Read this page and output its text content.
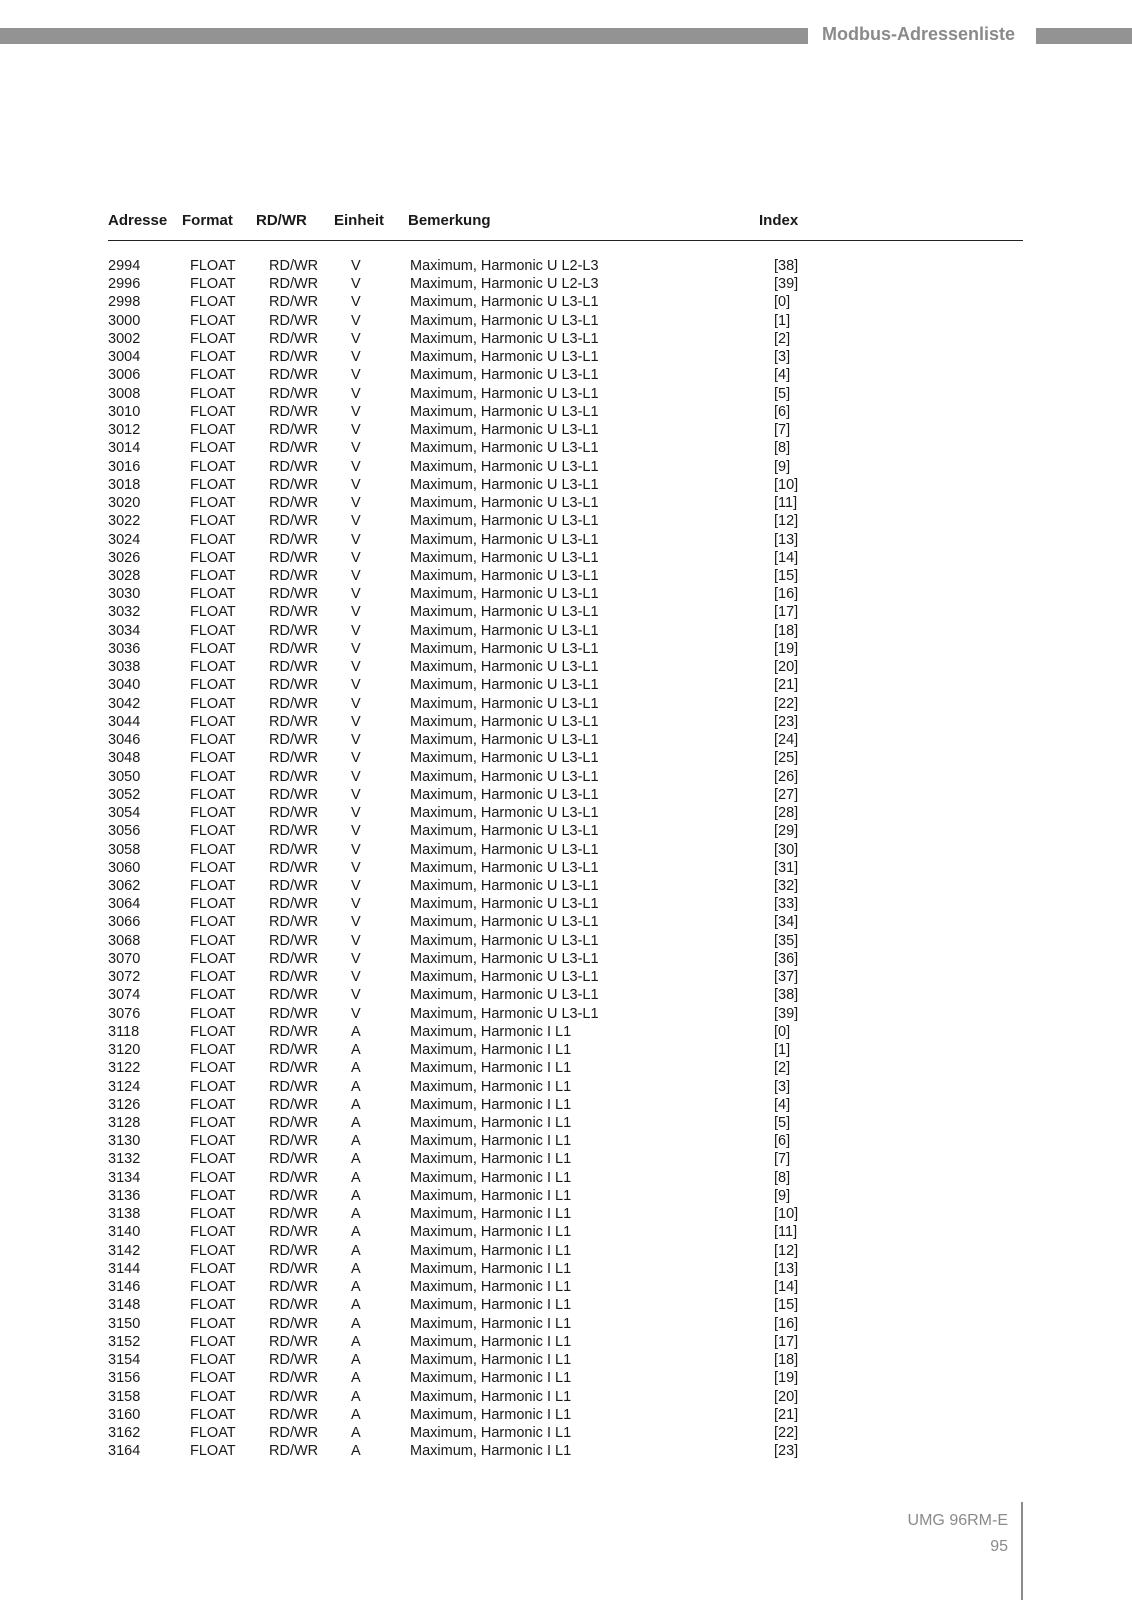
Modbus-Adressenliste
Adresse Format RD/WR Einheit Bemerkung	Index
2994	FLOAT RD/WR V	Maximum, Harmonic U L2-L3	[38]
2996	FLOAT RD/WR V	Maximum, Harmonic U L2-L3	[39]
2998	FLOAT RD/WR V	Maximum, Harmonic U L3-L1	[0]
3000	FLOAT RD/WR V	Maximum, Harmonic U L3-L1	[1]
3002	FLOAT RD/WR V	Maximum, Harmonic U L3-L1	[2]
3004	FLOAT RD/WR V	Maximum, Harmonic U L3-L1	[3]
3006	FLOAT RD/WR V	Maximum, Harmonic U L3-L1	[4]
3008	FLOAT RD/WR V	Maximum, Harmonic U L3-L1	[5]
3010	FLOAT RD/WR V	Maximum, Harmonic U L3-L1	[6]
3012	FLOAT RD/WR V	Maximum, Harmonic U L3-L1	[7]
3014	FLOAT RD/WR V	Maximum, Harmonic U L3-L1	[8]
3016	FLOAT RD/WR V	Maximum, Harmonic U L3-L1	[9]
3018	FLOAT RD/WR V	Maximum, Harmonic U L3-L1	[10]
3020	FLOAT RD/WR V	Maximum, Harmonic U L3-L1	[11]
3022	FLOAT RD/WR V	Maximum, Harmonic U L3-L1	[12]
3024	FLOAT RD/WR V	Maximum, Harmonic U L3-L1	[13]
3026	FLOAT RD/WR V	Maximum, Harmonic U L3-L1	[14]
3028	FLOAT RD/WR V	Maximum, Harmonic U L3-L1	[15]
3030	FLOAT RD/WR V	Maximum, Harmonic U L3-L1	[16]
3032	FLOAT RD/WR V	Maximum, Harmonic U L3-L1	[17]
3034	FLOAT RD/WR V	Maximum, Harmonic U L3-L1	[18]
3036	FLOAT RD/WR V	Maximum, Harmonic U L3-L1	[19]
3038	FLOAT RD/WR V	Maximum, Harmonic U L3-L1	[20]
3040	FLOAT RD/WR V	Maximum, Harmonic U L3-L1	[21]
3042	FLOAT RD/WR V	Maximum, Harmonic U L3-L1	[22]
3044	FLOAT RD/WR V	Maximum, Harmonic U L3-L1	[23]
3046	FLOAT RD/WR V	Maximum, Harmonic U L3-L1	[24]
3048	FLOAT RD/WR V	Maximum, Harmonic U L3-L1	[25]
3050	FLOAT RD/WR V	Maximum, Harmonic U L3-L1	[26]
3052	FLOAT RD/WR V	Maximum, Harmonic U L3-L1	[27]
3054	FLOAT RD/WR V	Maximum, Harmonic U L3-L1	[28]
3056	FLOAT RD/WR V	Maximum, Harmonic U L3-L1	[29]
3058	FLOAT RD/WR V	Maximum, Harmonic U L3-L1	[30]
3060	FLOAT RD/WR V	Maximum, Harmonic U L3-L1	[31]
3062	FLOAT RD/WR V	Maximum, Harmonic U L3-L1	[32]
3064	FLOAT RD/WR V	Maximum, Harmonic U L3-L1	[33]
3066	FLOAT RD/WR V	Maximum, Harmonic U L3-L1	[34]
3068	FLOAT RD/WR V	Maximum, Harmonic U L3-L1	[35]
3070	FLOAT RD/WR V	Maximum, Harmonic U L3-L1	[36]
3072	FLOAT RD/WR V	Maximum, Harmonic U L3-L1	[37]
3074	FLOAT RD/WR V	Maximum, Harmonic U L3-L1	[38]
3076	FLOAT RD/WR V	Maximum, Harmonic U L3-L1	[39]
3118	FLOAT RD/WR A	Maximum, Harmonic I L1	[0]
3120	FLOAT RD/WR A	Maximum, Harmonic I L1	[1]
3122	FLOAT RD/WR A	Maximum, Harmonic I L1	[2]
3124	FLOAT RD/WR A	Maximum, Harmonic I L1	[3]
3126	FLOAT RD/WR A	Maximum, Harmonic I L1	[4]
3128	FLOAT RD/WR A	Maximum, Harmonic I L1	[5]
3130	FLOAT RD/WR A	Maximum, Harmonic I L1	[6]
3132	FLOAT RD/WR A	Maximum, Harmonic I L1	[7]
3134	FLOAT RD/WR A	Maximum, Harmonic I L1	[8]
3136	FLOAT RD/WR A	Maximum, Harmonic I L1	[9]
3138	FLOAT RD/WR A	Maximum, Harmonic I L1	[10]
3140	FLOAT RD/WR A	Maximum, Harmonic I L1	[11]
3142	FLOAT RD/WR A	Maximum, Harmonic I L1	[12]
3144	FLOAT RD/WR A	Maximum, Harmonic I L1	[13]
3146	FLOAT RD/WR A	Maximum, Harmonic I L1	[14]
3148	FLOAT RD/WR A	Maximum, Harmonic I L1	[15]
3150	FLOAT RD/WR A	Maximum, Harmonic I L1	[16]
3152	FLOAT RD/WR A	Maximum, Harmonic I L1	[17]
3154	FLOAT RD/WR A	Maximum, Harmonic I L1	[18]
3156	FLOAT RD/WR A	Maximum, Harmonic I L1	[19]
3158	FLOAT RD/WR A	Maximum, Harmonic I L1	[20]
3160	FLOAT RD/WR A	Maximum, Harmonic I L1	[21]
3162	FLOAT RD/WR A	Maximum, Harmonic I L1	[22]
3164	FLOAT RD/WR A	Maximum, Harmonic I L1	[23]
UMG 96RM-E
95
